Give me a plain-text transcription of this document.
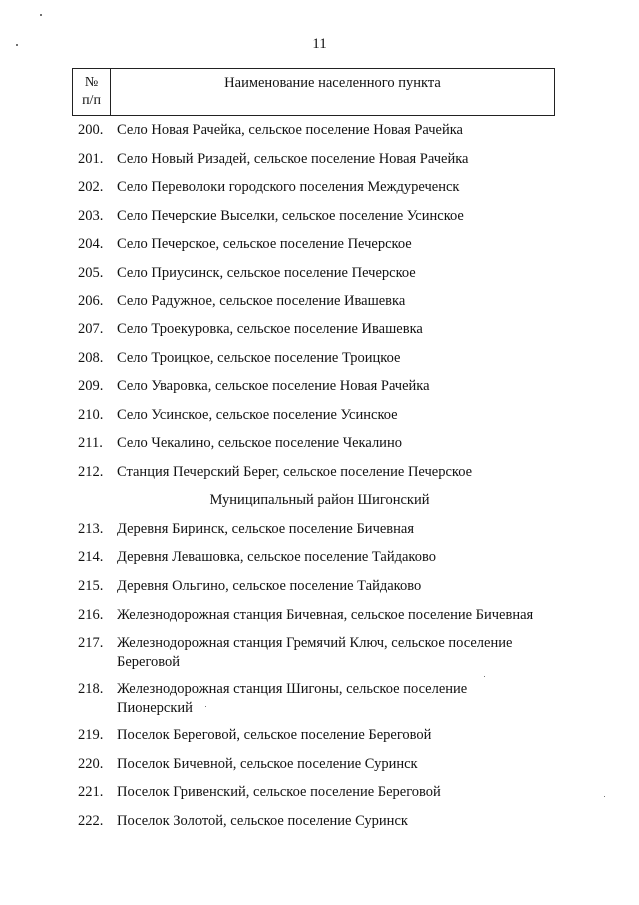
11
№
п/п
Наименование населенного пункта
200. Село Новая Рачейка, сельское поселение Новая Рачейка
201. Село Новый Ризадей, сельское поселение Новая Рачейка
202. Село Переволоки городского поселения Междуреченск
203. Село Печерские Выселки, сельское поселение Усинское
204. Село Печерское, сельское поселение Печерское
205. Село Приусинск, сельское поселение Печерское
206. Село Радужное, сельское поселение Ивашевка
207. Село Троекуровка, сельское поселение Ивашевка
208. Село Троицкое, сельское поселение Троицкое
209. Село Уваровка, сельское поселение Новая Рачейка
210. Село Усинское, сельское поселение Усинское
211. Село Чекалино, сельское поселение Чекалино
212. Станция Печерский Берег, сельское поселение Печерское
Муниципальный район Шигонский
213. Деревня Биринск, сельское поселение Бичевная
214. Деревня Левашовка, сельское поселение Тайдаково
215. Деревня Ольгино, сельское поселение Тайдаково
216. Железнодорожная станция Бичевная, сельское поселение Бичевная
217. Железнодорожная станция Гремячий Ключ, сельское поселение Береговой
218. Железнодорожная станция Шигоны, сельское поселение Пионерский
219. Поселок Береговой, сельское поселение Береговой
220. Поселок Бичевной, сельское поселение Суринск
221. Поселок Гривенский, сельское поселение Береговой
222. Поселок Золотой, сельское поселение Суринск
